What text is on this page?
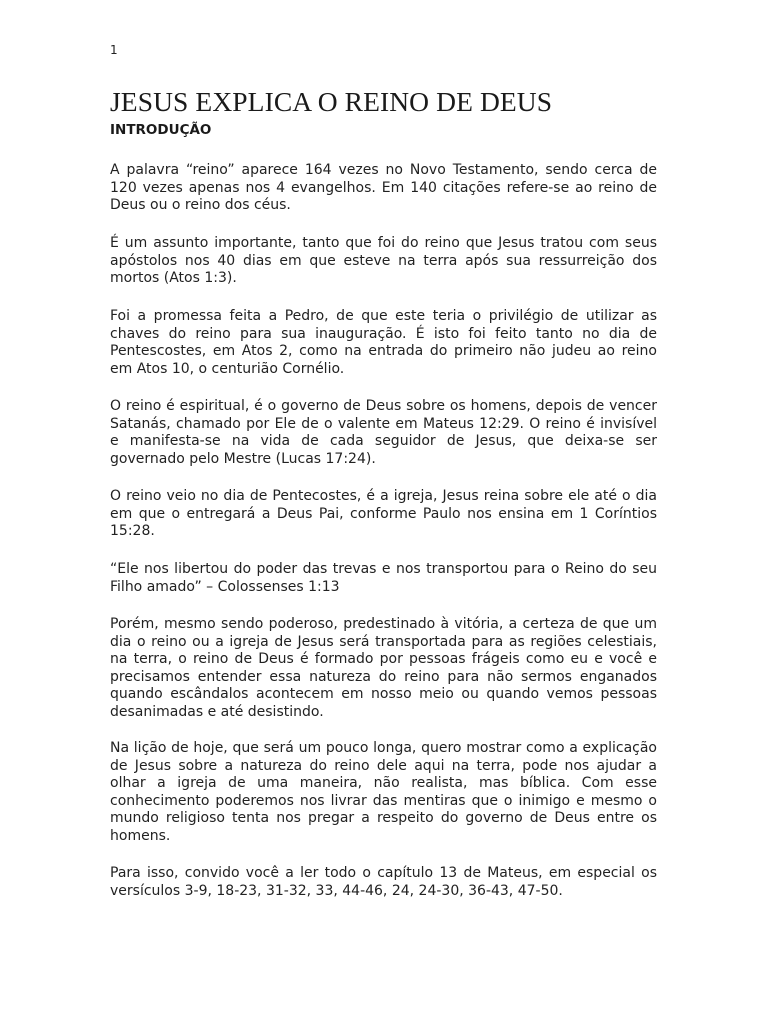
1
JESUS EXPLICA O REINO DE DEUS
INTRODUÇÃO

A palavra “reino” aparece 164 vezes no Novo Testamento, sendo cerca de 120 vezes apenas nos 4 evangelhos. Em 140 citações refere-se ao reino de Deus ou o reino dos céus.

É um assunto importante, tanto que foi do reino que Jesus tratou com seus apóstolos nos 40 dias em que esteve na terra após sua ressurreição dos mortos (Atos 1:3).

Foi a promessa feita a Pedro, de que este teria o privilégio de utilizar as chaves do reino para sua inauguração. É isto foi feito tanto no dia de Pentescostes, em Atos 2, como na entrada do primeiro não judeu ao reino em Atos 10, o centurião Cornélio.

O reino é espiritual, é o governo de Deus sobre os homens, depois de vencer Satanás, chamado por Ele de o valente em Mateus 12:29. O reino é invisível e manifesta-se na vida de cada seguidor de Jesus, que deixa-se ser governado pelo Mestre (Lucas 17:24).

O reino veio no dia de Pentecostes, é a igreja, Jesus reina sobre ele até o dia em que o entregará a Deus Pai, conforme Paulo nos ensina em 1 Coríntios 15:28.

“Ele nos libertou do poder das trevas e nos transportou para o Reino do seu Filho amado” – Colossenses 1:13

Porém, mesmo sendo poderoso, predestinado à vitória, a certeza de que um dia o reino ou a igreja de Jesus será transportada para as regiões celestiais, na terra, o reino de Deus é formado por pessoas frágeis como eu e você e precisamos entender essa natureza do reino para não sermos enganados quando escândalos acontecem em nosso meio ou quando vemos pessoas desanimadas e até desistindo.

Na lição de hoje, que será um pouco longa, quero mostrar como a explicação de Jesus sobre a natureza do reino dele aqui na terra, pode nos ajudar a olhar a igreja de uma maneira, não realista, mas bíblica. Com esse conhecimento poderemos nos livrar das mentiras que o inimigo e mesmo o mundo religioso tenta nos pregar a respeito do governo de Deus entre os homens.

Para isso, convido você a ler todo o capítulo 13 de Mateus, em especial os versículos 3-9, 18-23, 31-32, 33, 44-46, 24, 24-30, 36-43, 47-50.
